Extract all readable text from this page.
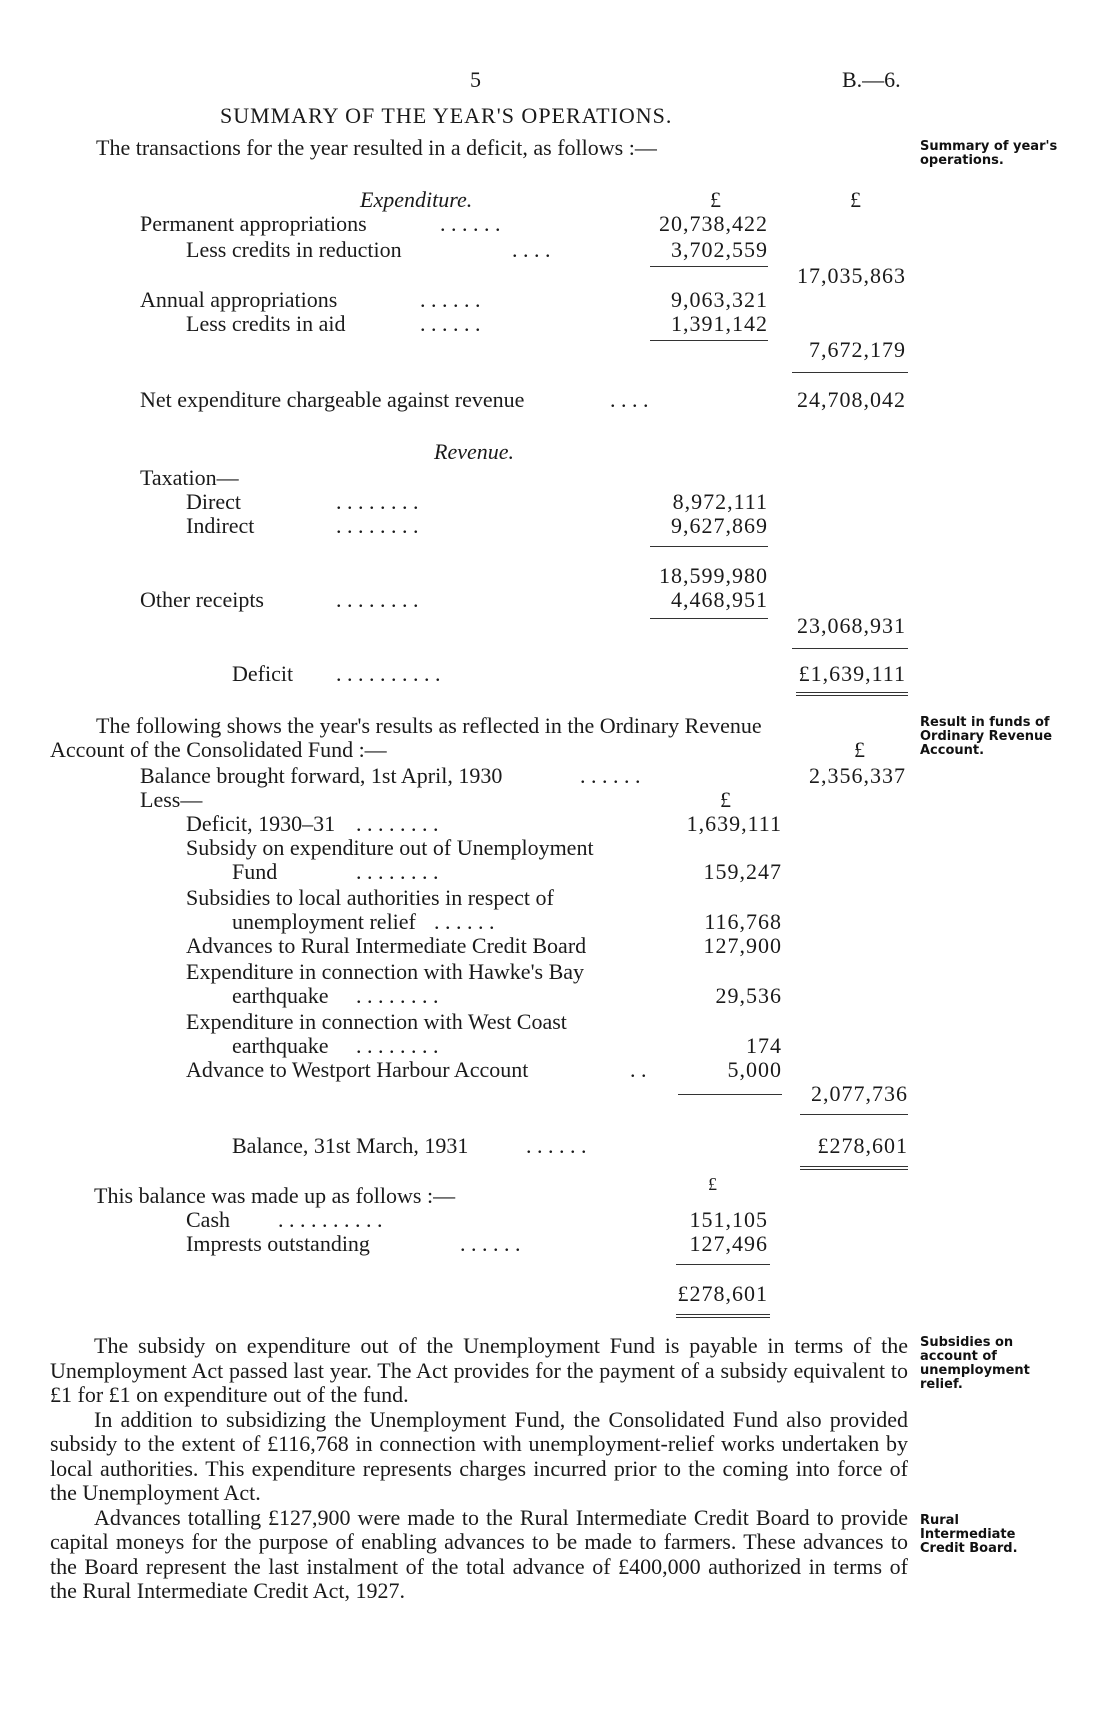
5	B.—6.
SUMMARY OF THE YEAR'S OPERATIONS.
The transactions for the year resulted in a deficit, as follows :—	Summary of year's operations.
Result in funds of Ordinary Revenue Account.
Subsidies on account of unemployment relief.
Rural Intermediate Credit Board.
Expenditure.	£	£
Permanent appropriations	. . . . . .	20,738,422
Less credits in reduction	. . . .	3,702,559
17,035,863
Annual appropriations	. . . . . .	9,063,321
Less credits in aid	. . . . . .	1,391,142
7,672,179
Net expenditure chargeable against revenue	. . . .	24,708,042
Revenue.
Taxation—
Direct	. . . . . . . .	8,972,111
Indirect	. . . . . . . .	9,627,869
18,599,980
Other receipts	. . . . . . . .	4,468,951
23,068,931
Deficit . . . . . . . . . .	£1,639,111
The following shows the year's results as reflected in the Ordinary Revenue
Account of the Consolidated Fund :—	£
Balance brought forward, 1st April, 1930	. . . . . .	2,356,337
Less—	£
Deficit, 1930–31 . . . . . . . .	1,639,111
Subsidy on expenditure out of Unemployment
Fund	. . . . . . . .	159,247
Subsidies to local authorities in respect of
unemployment relief . . . . . .	116,768
Advances to Rural Intermediate Credit Board	127,900
Expenditure in connection with Hawke's Bay
earthquake . . . . . . . .	29,536
Expenditure in connection with West Coast
earthquake . . . . . . . .	174
Advance to Westport Harbour Account	. .	5,000
2,077,736
Balance, 31st March, 1931	. . . . . .	£278,601
This balance was made up as follows :—	£
Cash . . . . . . . . . .	151,105
Imprests outstanding	. . . . . .	127,496
£278,601

The subsidy on expenditure out of the Unemployment Fund is payable in terms of the Unemployment Act passed last year. The Act provides for the payment of a subsidy equivalent to £1 for £1 on expenditure out of the fund.

In addition to subsidizing the Unemployment Fund, the Consolidated Fund also provided subsidy to the extent of £116,768 in connection with unemployment-relief works undertaken by local authorities. This expenditure represents charges incurred prior to the coming into force of the Unemployment Act.

Advances totalling £127,900 were made to the Rural Intermediate Credit Board to provide capital moneys for the purpose of enabling advances to be made to farmers. These advances to the Board represent the last instalment of the total advance of £400,000 authorized in terms of the Rural Intermediate Credit Act, 1927.
